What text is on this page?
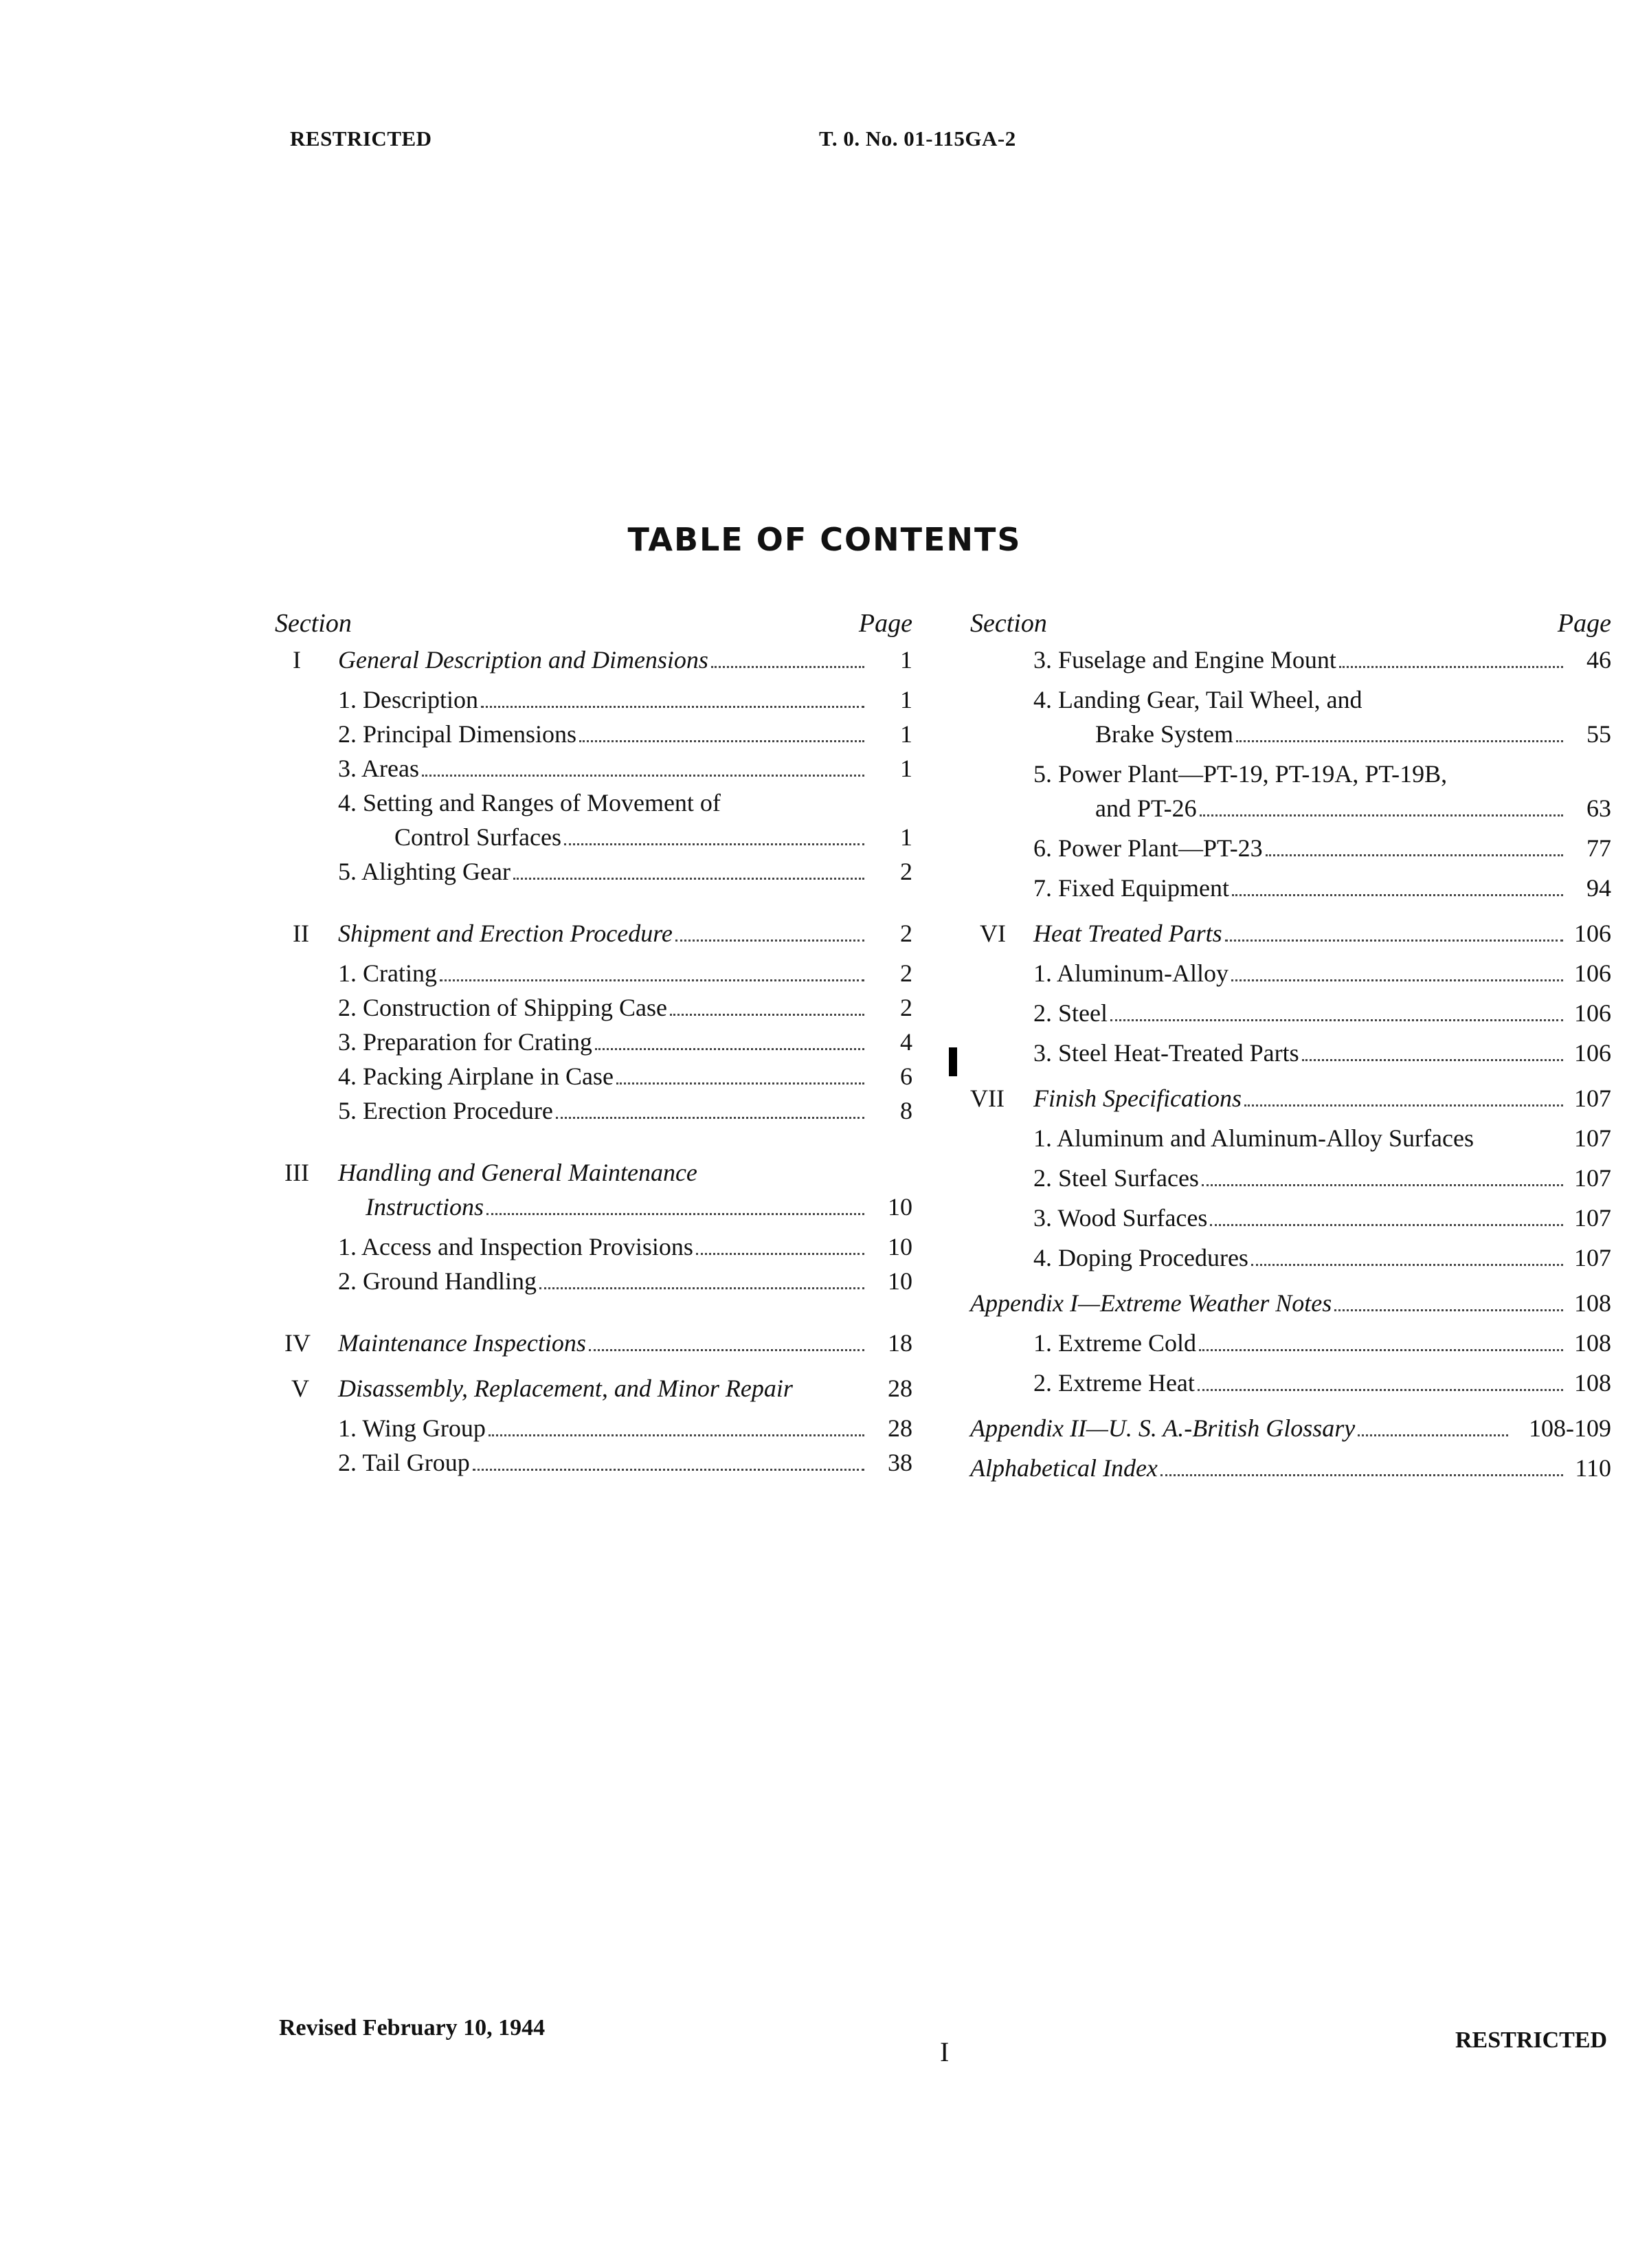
RESTRICTED	T. 0. No. 01-115GA-2
TABLE OF CONTENTS
Section	Page
I	General Description and Dimensions	1
1. Description	1
2. Principal Dimensions	1
3. Areas	1
4. Setting and Ranges of Movement of
Control Surfaces	1
5. Alighting Gear	2
II	Shipment and Erection Procedure	2
1. Crating	2
2. Construction of Shipping Case	2
3. Preparation for Crating	4
4. Packing Airplane in Case	6
5. Erection Procedure	8
III	Handling and General Maintenance
Instructions	10
1. Access and Inspection Provisions	10
2. Ground Handling	10
IV	Maintenance Inspections	18
V	Disassembly, Replacement, and Minor Repair	28
1. Wing Group	28
2. Tail Group	38
Section	Page
3. Fuselage and Engine Mount	46
4. Landing Gear, Tail Wheel, and
Brake System	55
5. Power Plant—PT-19, PT-19A, PT-19B,
and PT-26	63
6. Power Plant—PT-23	77
7. Fixed Equipment	94
VI	Heat Treated Parts	106
1. Aluminum-Alloy	106
2. Steel	106
3. Steel Heat-Treated Parts	106
VII	Finish Specifications	107
1. Aluminum and Aluminum-Alloy Surfaces	107
2. Steel Surfaces	107
3. Wood Surfaces	107
4. Doping Procedures	107
Appendix I—Extreme Weather Notes	108
1. Extreme Cold	108
2. Extreme Heat	108
Appendix II—U. S. A.-British Glossary	108-109
Alphabetical Index	110
Revised February 10, 1944
I	RESTRICTED
